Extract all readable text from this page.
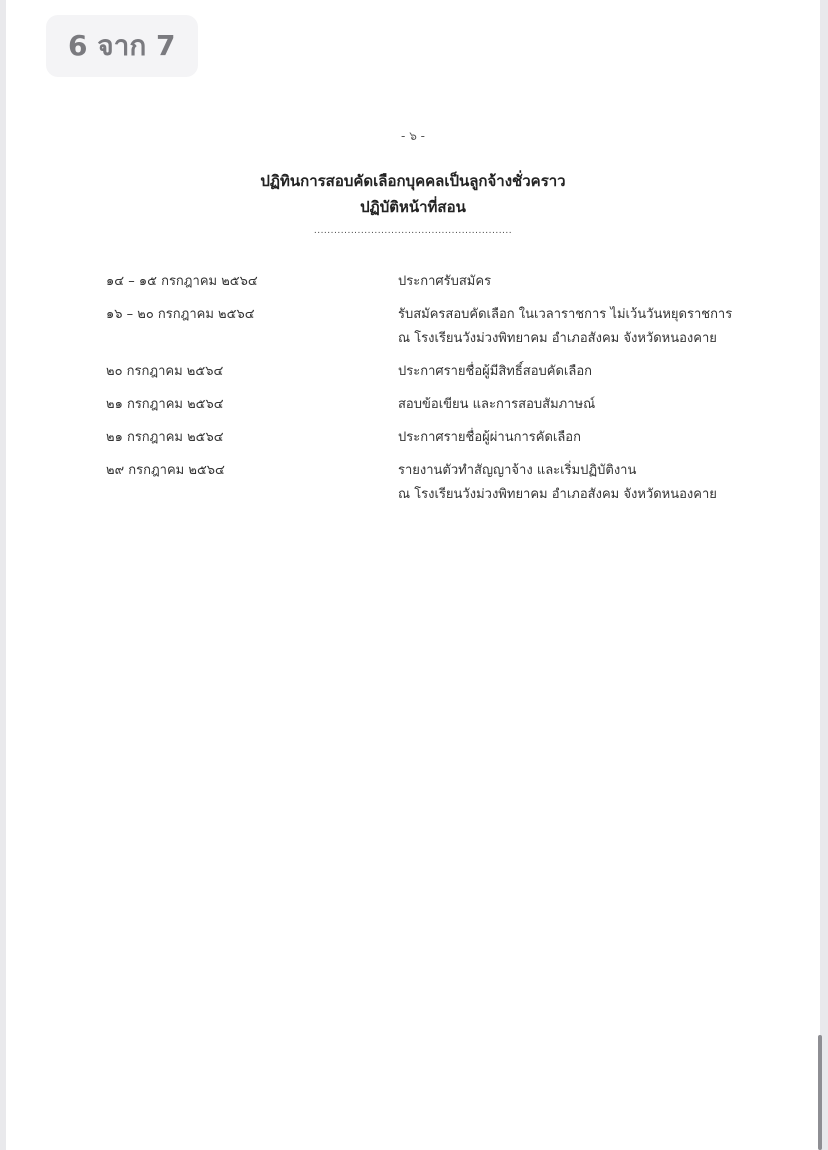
6 จาก 7
- ๖ -
ปฏิทินการสอบคัดเลือกบุคคลเป็นลูกจ้างชั่วคราว
ปฏิบัติหน้าที่สอน
...........................................................
๑๔ – ๑๕ กรกฎาคม ๒๕๖๔	ประกาศรับสมัคร
๑๖ – ๒๐ กรกฎาคม ๒๕๖๔	รับสมัครสอบคัดเลือก ในเวลาราชการ ไม่เว้นวันหยุดราชการ
ณ โรงเรียนวังม่วงพิทยาคม อำเภอสังคม จังหวัดหนองคาย
๒๐ กรกฎาคม ๒๕๖๔	ประกาศรายชื่อผู้มีสิทธิ์สอบคัดเลือก
๒๑ กรกฎาคม ๒๕๖๔	สอบข้อเขียน และการสอบสัมภาษณ์
๒๑ กรกฎาคม ๒๕๖๔	ประกาศรายชื่อผู้ผ่านการคัดเลือก
๒๙ กรกฎาคม ๒๕๖๔	รายงานตัวทำสัญญาจ้าง และเริ่มปฏิบัติงาน
ณ โรงเรียนวังม่วงพิทยาคม อำเภอสังคม จังหวัดหนองคาย
